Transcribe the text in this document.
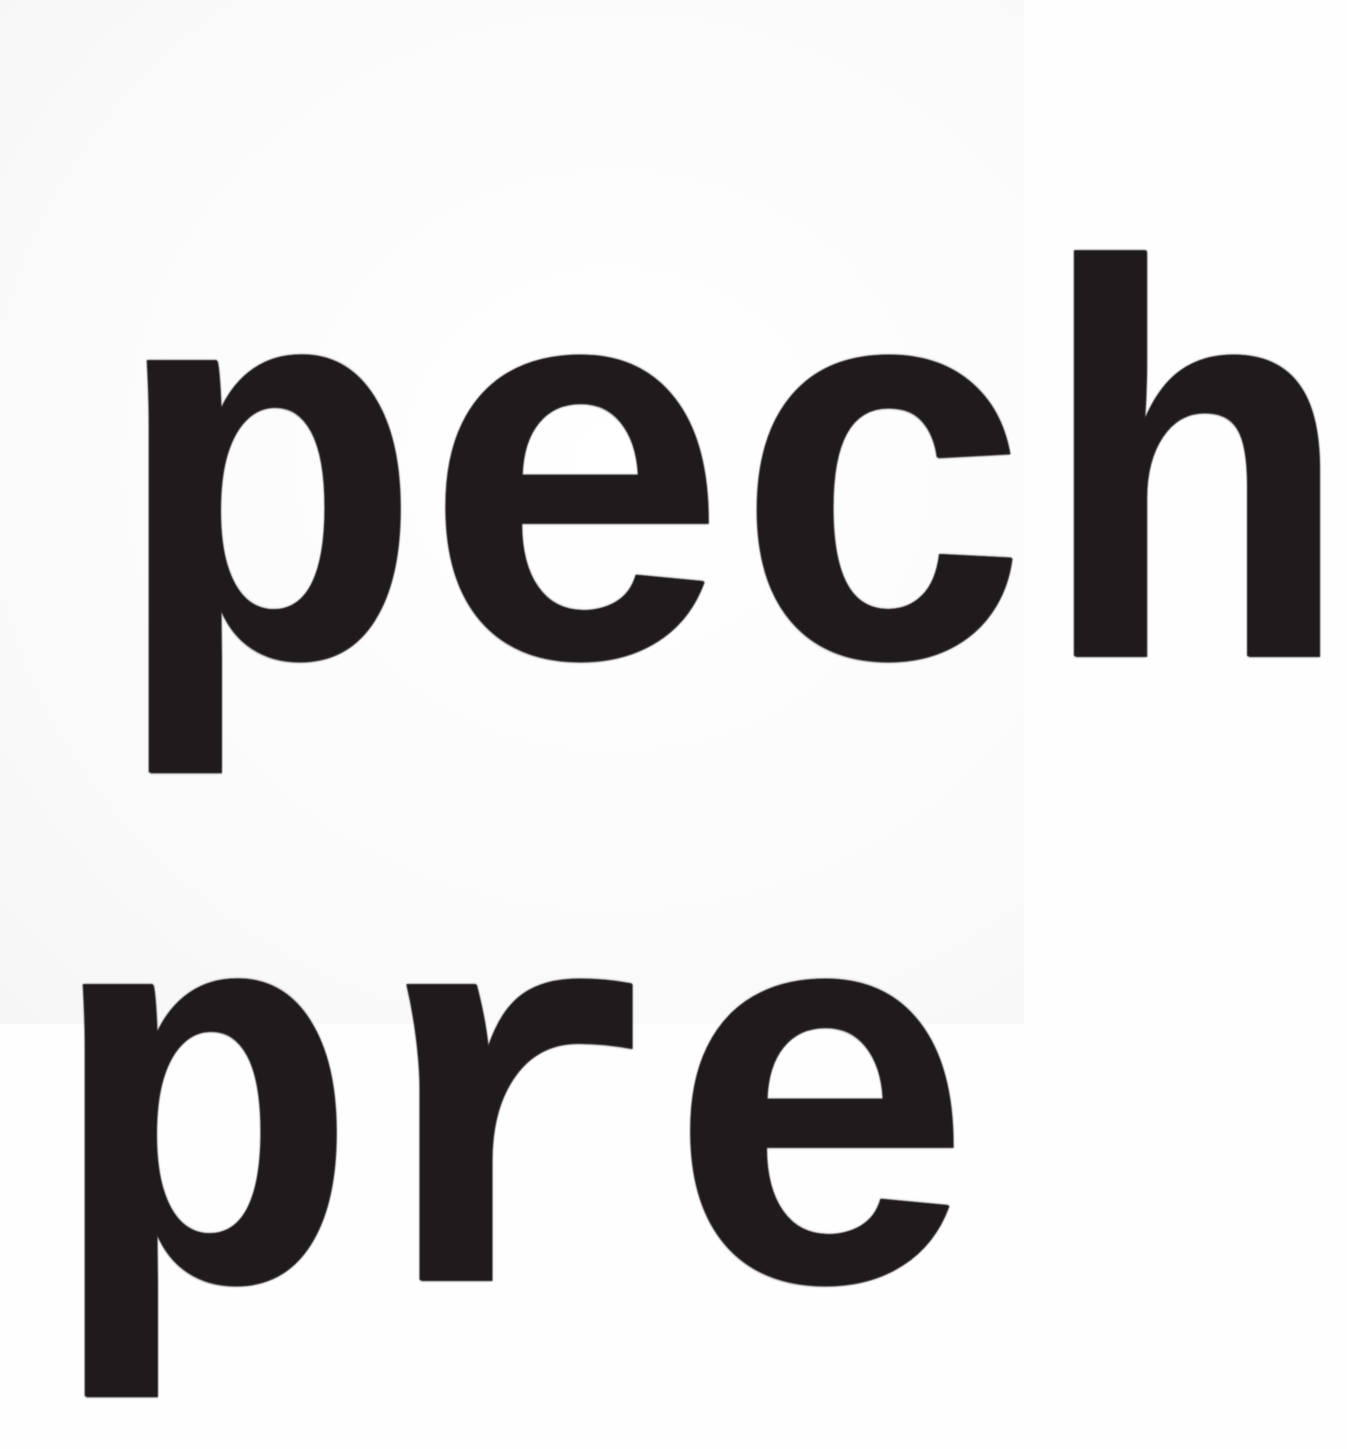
pech

pre
